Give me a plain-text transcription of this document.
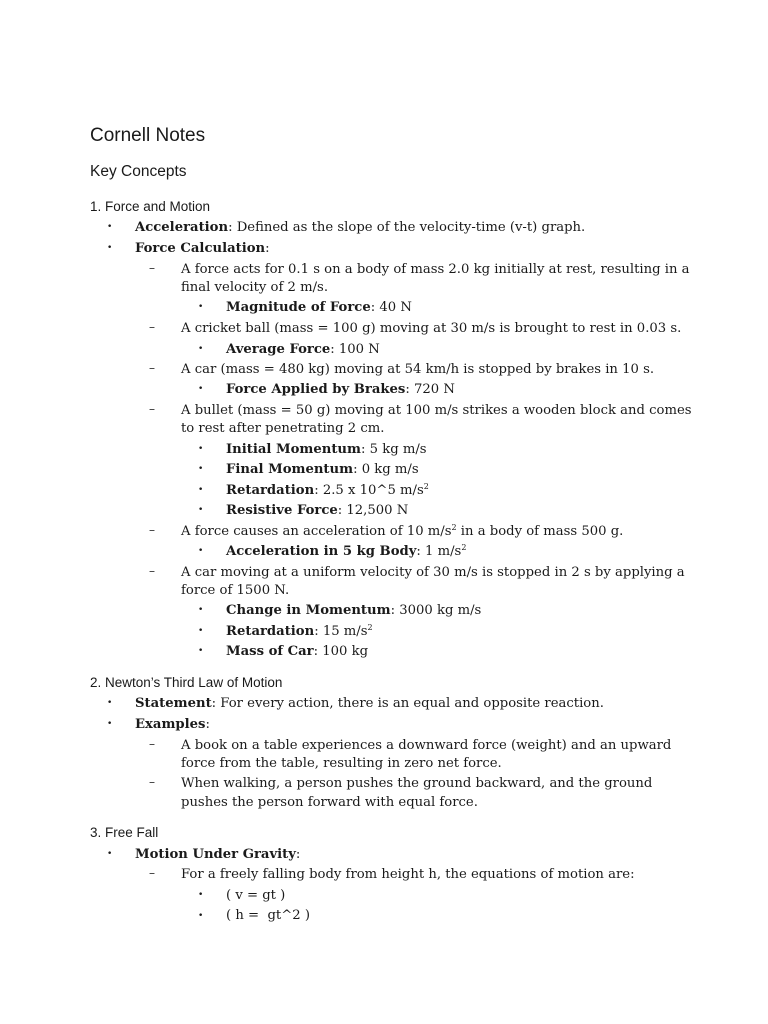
Cornell Notes
Key Concepts
1. Force and Motion
• Acceleration: Defined as the slope of the velocity-time (v-t) graph.
• Force Calculation:
– A force acts for 0.1 s on a body of mass 2.0 kg initially at rest, resulting in a
final velocity of 2 m/s.
• Magnitude of Force: 40 N
– A cricket ball (mass = 100 g) moving at 30 m/s is brought to rest in 0.03 s.
• Average Force: 100 N
– A car (mass = 480 kg) moving at 54 km/h is stopped by brakes in 10 s.
• Force Applied by Brakes: 720 N
– A bullet (mass = 50 g) moving at 100 m/s strikes a wooden block and comes
to rest after penetrating 2 cm.
• Initial Momentum: 5 kg m/s
• Final Momentum: 0 kg m/s
• Retardation: 2.5 x 10^5 $m/s^2$
• Resistive Force: 12,500 N
– A force causes an acceleration of 10 $m/s^2$ in a body of mass 500 g.
• Acceleration in 5 kg Body: 1 $m/s^2$
– A car moving at a uniform velocity of 30 m/s is stopped in 2 s by applying a
force of 1500 N.
• Change in Momentum: 3000 kg m/s
• Retardation: 15 $m/s^2$
• Mass of Car: 100 kg
2. Newton’s Third Law of Motion
• Statement: For every action, there is an equal and opposite reaction.
• Examples:
– A book on a table experiences a downward force (weight) and an upward
force from the table, resulting in zero net force.
– When walking, a person pushes the ground backward, and the ground
pushes the person forward with equal force.
3. Free Fall
• Motion Under Gravity:
– For a freely falling body from height h, the equations of motion are:
• ( v = gt )
• ( h =  gt^2 )
